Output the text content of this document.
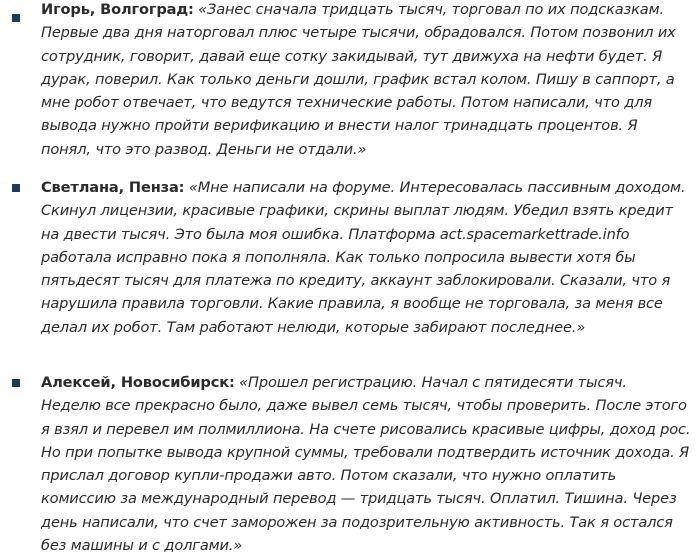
Игорь, Волгоград: «Занес сначала тридцать тысяч, торговал по их подсказкам. Первые два дня наторговал плюс четыре тысячи, обрадовался. Потом позвонил их сотрудник, говорит, давай еще сотку закидывай, тут движуха на нефти будет. Я дурак, поверил. Как только деньги дошли, график встал колом. Пишу в саппорт, а мне робот отвечает, что ведутся технические работы. Потом написали, что для вывода нужно пройти верификацию и внести налог тринадцать процентов. Я понял, что это развод. Деньги не отдали.»

Светлана, Пенза: «Мне написали на форуме. Интересовалась пассивным доходом. Скинул лицензии, красивые графики, скрины выплат людям. Убедил взять кредит на двести тысяч. Это была моя ошибка. Платформа act.spacemarkettrade.info работала исправно пока я пополняла. Как только попросила вывести хотя бы пятьдесят тысяч для платежа по кредиту, аккаунт заблокировали. Сказали, что я нарушила правила торговли. Какие правила, я вообще не торговала, за меня все делал их робот. Там работают нелюди, которые забирают последнее.»

Алексей, Новосибирск: «Прошел регистрацию. Начал с пятидесяти тысяч. Неделю все прекрасно было, даже вывел семь тысяч, чтобы проверить. После этого я взял и перевел им полмиллиона. На счете рисовались красивые цифры, доход рос. Но при попытке вывода крупной суммы, требовали подтвердить источник дохода. Я прислал договор купли-продажи авто. Потом сказали, что нужно оплатить комиссию за международный перевод — тридцать тысяч. Оплатил. Тишина. Через день написали, что счет заморожен за подозрительную активность. Так я остался без машины и с долгами.»
